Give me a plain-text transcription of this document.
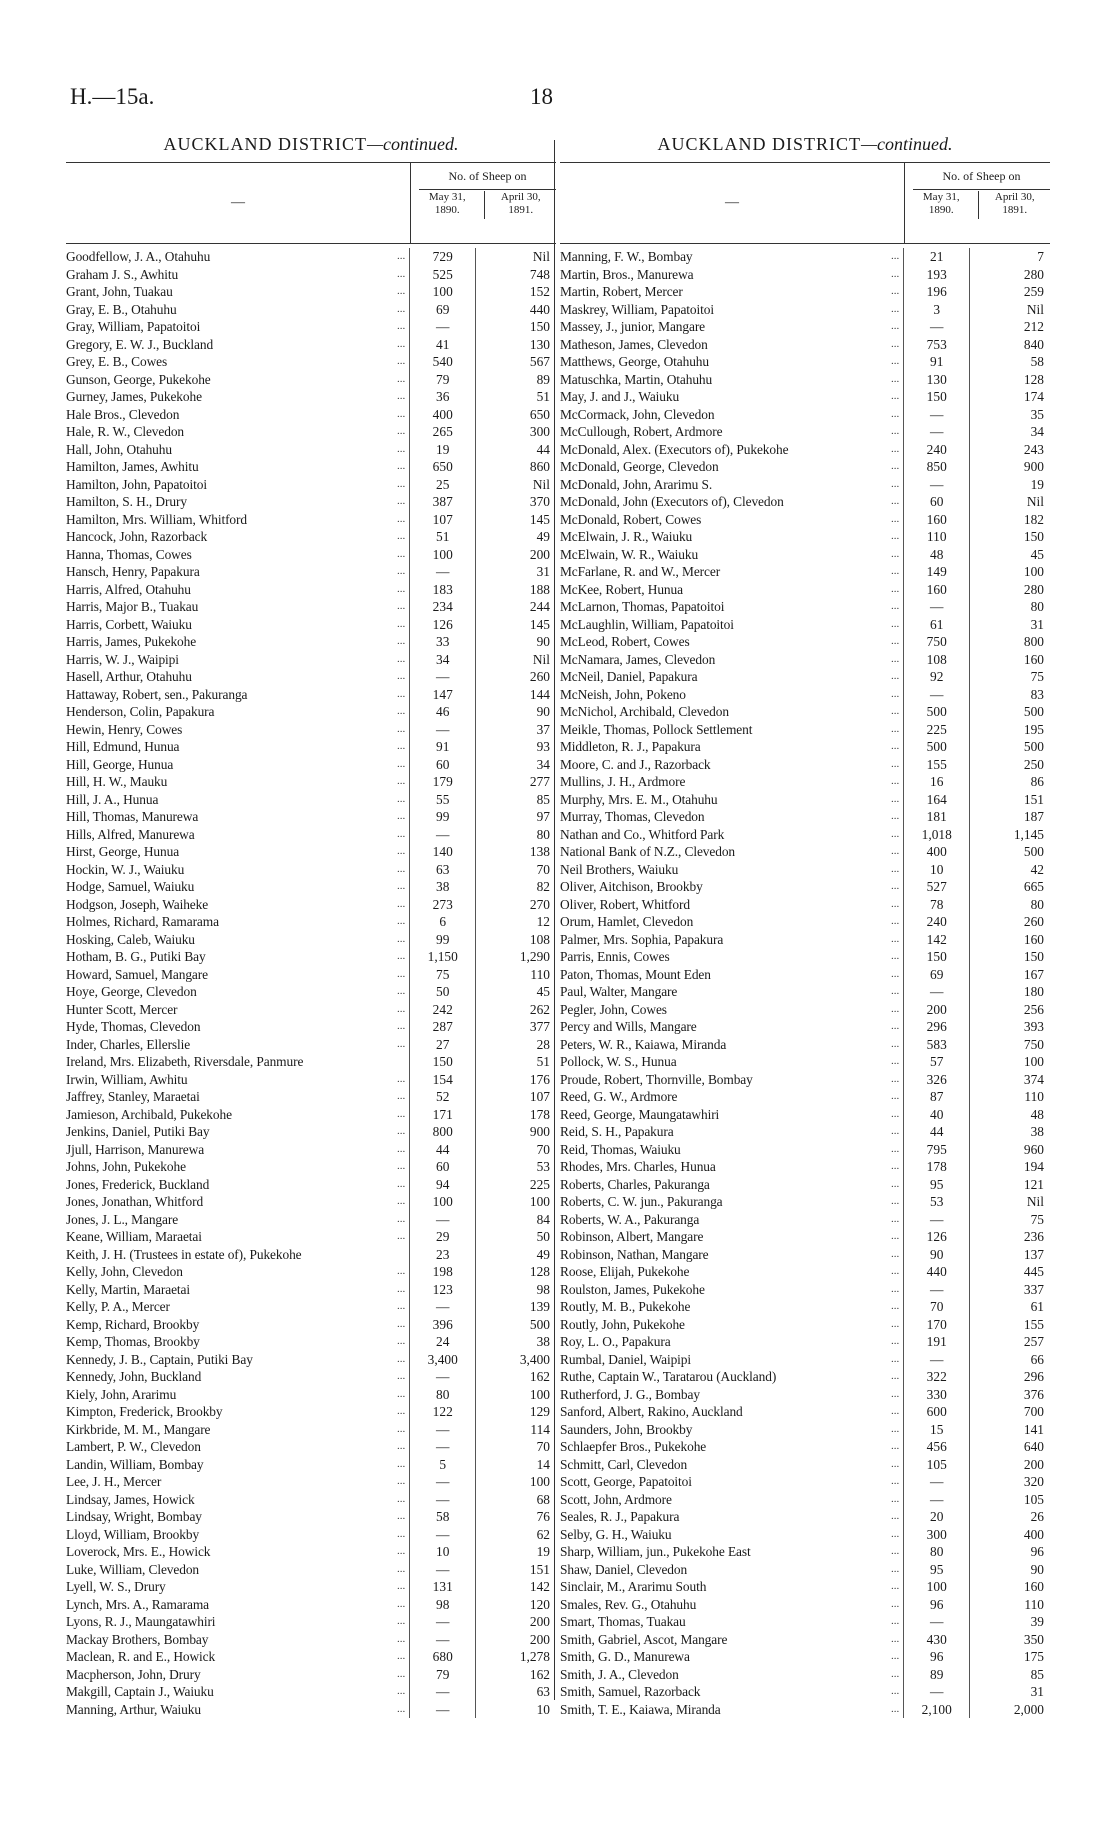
H.—15a.	18
AUCKLAND DISTRICT—continued.
—
No. of Sheep on
May 31,
1890.
April 30,
1891.
Goodfellow, J. A., Otahuhu	...	729	Nil
Graham J. S., Awhitu	...	525	748
Grant, John, Tuakau	...	100	152
Gray, E. B., Otahuhu	...	69	440
Gray, William, Papatoitoi	...	—	150
Gregory, E. W. J., Buckland	...	41	130
Grey, E. B., Cowes	...	540	567
Gunson, George, Pukekohe	...	79	89
Gurney, James, Pukekohe	...	36	51
Hale Bros., Clevedon	...	400	650
Hale, R. W., Clevedon	...	265	300
Hall, John, Otahuhu	...	19	44
Hamilton, James, Awhitu	...	650	860
Hamilton, John, Papatoitoi	...	25	Nil
Hamilton, S. H., Drury	...	387	370
Hamilton, Mrs. William, Whitford	...	107	145
Hancock, John, Razorback	...	51	49
Hanna, Thomas, Cowes	...	100	200
Hansch, Henry, Papakura	...	—	31
Harris, Alfred, Otahuhu	...	183	188
Harris, Major B., Tuakau	...	234	244
Harris, Corbett, Waiuku	...	126	145
Harris, James, Pukekohe	...	33	90
Harris, W. J., Waipipi	...	34	Nil
Hasell, Arthur, Otahuhu	...	—	260
Hattaway, Robert, sen., Pakuranga	...	147	144
Henderson, Colin, Papakura	...	46	90
Hewin, Henry, Cowes	...	—	37
Hill, Edmund, Hunua	...	91	93
Hill, George, Hunua	...	60	34
Hill, H. W., Mauku	...	179	277
Hill, J. A., Hunua	...	55	85
Hill, Thomas, Manurewa	...	99	97
Hills, Alfred, Manurewa	...	—	80
Hirst, George, Hunua	...	140	138
Hockin, W. J., Waiuku	...	63	70
Hodge, Samuel, Waiuku	...	38	82
Hodgson, Joseph, Waiheke	...	273	270
Holmes, Richard, Ramarama	...	6	12
Hosking, Caleb, Waiuku	...	99	108
Hotham, B. G., Putiki Bay	...	1,150	1,290
Howard, Samuel, Mangare	...	75	110
Hoye, George, Clevedon	...	50	45
Hunter Scott, Mercer	...	242	262
Hyde, Thomas, Clevedon	...	287	377
Inder, Charles, Ellerslie	...	27	28
Ireland, Mrs. Elizabeth, Riversdale, Panmure	150	51
Irwin, William, Awhitu	...	154	176
Jaffrey, Stanley, Maraetai	...	52	107
Jamieson, Archibald, Pukekohe	...	171	178
Jenkins, Daniel, Putiki Bay	...	800	900
Jjull, Harrison, Manurewa	...	44	70
Johns, John, Pukekohe	...	60	53
Jones, Frederick, Buckland	...	94	225
Jones, Jonathan, Whitford	...	100	100
Jones, J. L., Mangare	...	—	84
Keane, William, Maraetai	...	29	50
Keith, J. H. (Trustees in estate of), Pukekohe	23	49
Kelly, John, Clevedon	...	198	128
Kelly, Martin, Maraetai	...	123	98
Kelly, P. A., Mercer	...	—	139
Kemp, Richard, Brookby	...	396	500
Kemp, Thomas, Brookby	...	24	38
Kennedy, J. B., Captain, Putiki Bay	...	3,400	3,400
Kennedy, John, Buckland	...	—	162
Kiely, John, Ararimu	...	80	100
Kimpton, Frederick, Brookby	...	122	129
Kirkbride, M. M., Mangare	...	—	114
Lambert, P. W., Clevedon	...	—	70
Landin, William, Bombay	...	5	14
Lee, J. H., Mercer	...	—	100
Lindsay, James, Howick	...	—	68
Lindsay, Wright, Bombay	...	58	76
Lloyd, William, Brookby	...	—	62
Loverock, Mrs. E., Howick	...	10	19
Luke, William, Clevedon	...	—	151
Lyell, W. S., Drury	...	131	142
Lynch, Mrs. A., Ramarama	...	98	120
Lyons, R. J., Maungatawhiri	...	—	200
Mackay Brothers, Bombay	...	—	200
Maclean, R. and E., Howick	...	680	1,278
Macpherson, John, Drury	...	79	162
Makgill, Captain J., Waiuku	...	—	63
Manning, Arthur, Waiuku	...	—	10
AUCKLAND DISTRICT—continued.
—
No. of Sheep on
May 31,
1890.
April 30,
1891.
Manning, F. W., Bombay	...	21	7
Martin, Bros., Manurewa	...	193	280
Martin, Robert, Mercer	...	196	259
Maskrey, William, Papatoitoi	...	3	Nil
Massey, J., junior, Mangare	...	—	212
Matheson, James, Clevedon	...	753	840
Matthews, George, Otahuhu	...	91	58
Matuschka, Martin, Otahuhu	...	130	128
May, J. and J., Waiuku	...	150	174
McCormack, John, Clevedon	...	—	35
McCullough, Robert, Ardmore	...	—	34
McDonald, Alex. (Executors of), Pukekohe	...	240	243
McDonald, George, Clevedon	...	850	900
McDonald, John, Ararimu S.	...	—	19
McDonald, John (Executors of), Clevedon	...	60	Nil
McDonald, Robert, Cowes	...	160	182
McElwain, J. R., Waiuku	...	110	150
McElwain, W. R., Waiuku	...	48	45
McFarlane, R. and W., Mercer	...	149	100
McKee, Robert, Hunua	...	160	280
McLarnon, Thomas, Papatoitoi	...	—	80
McLaughlin, William, Papatoitoi	...	61	31
McLeod, Robert, Cowes	...	750	800
McNamara, James, Clevedon	...	108	160
McNeil, Daniel, Papakura	...	92	75
McNeish, John, Pokeno	...	—	83
McNichol, Archibald, Clevedon	...	500	500
Meikle, Thomas, Pollock Settlement	...	225	195
Middleton, R. J., Papakura	...	500	500
Moore, C. and J., Razorback	...	155	250
Mullins, J. H., Ardmore	...	16	86
Murphy, Mrs. E. M., Otahuhu	...	164	151
Murray, Thomas, Clevedon	...	181	187
Nathan and Co., Whitford Park	...	1,018	1,145
National Bank of N.Z., Clevedon	...	400	500
Neil Brothers, Waiuku	...	10	42
Oliver, Aitchison, Brookby	...	527	665
Oliver, Robert, Whitford	...	78	80
Orum, Hamlet, Clevedon	...	240	260
Palmer, Mrs. Sophia, Papakura	...	142	160
Parris, Ennis, Cowes	...	150	150
Paton, Thomas, Mount Eden	...	69	167
Paul, Walter, Mangare	...	—	180
Pegler, John, Cowes	...	200	256
Percy and Wills, Mangare	...	296	393
Peters, W. R., Kaiawa, Miranda	...	583	750
Pollock, W. S., Hunua	...	57	100
Proude, Robert, Thornville, Bombay	...	326	374
Reed, G. W., Ardmore	...	87	110
Reed, George, Maungatawhiri	...	40	48
Reid, S. H., Papakura	...	44	38
Reid, Thomas, Waiuku	...	795	960
Rhodes, Mrs. Charles, Hunua	...	178	194
Roberts, Charles, Pakuranga	...	95	121
Roberts, C. W. jun., Pakuranga	...	53	Nil
Roberts, W. A., Pakuranga	...	—	75
Robinson, Albert, Mangare	...	126	236
Robinson, Nathan, Mangare	...	90	137
Roose, Elijah, Pukekohe	...	440	445
Roulston, James, Pukekohe	...	—	337
Routly, M. B., Pukekohe	...	70	61
Routly, John, Pukekohe	...	170	155
Roy, L. O., Papakura	...	191	257
Rumbal, Daniel, Waipipi	...	—	66
Ruthe, Captain W., Taratarou (Auckland)	...	322	296
Rutherford, J. G., Bombay	...	330	376
Sanford, Albert, Rakino, Auckland	...	600	700
Saunders, John, Brookby	...	15	141
Schlaepfer Bros., Pukekohe	...	456	640
Schmitt, Carl, Clevedon	...	105	200
Scott, George, Papatoitoi	...	—	320
Scott, John, Ardmore	...	—	105
Seales, R. J., Papakura	...	20	26
Selby, G. H., Waiuku	...	300	400
Sharp, William, jun., Pukekohe East	...	80	96
Shaw, Daniel, Clevedon	...	95	90
Sinclair, M., Ararimu South	...	100	160
Smales, Rev. G., Otahuhu	...	96	110
Smart, Thomas, Tuakau	...	—	39
Smith, Gabriel, Ascot, Mangare	...	430	350
Smith, G. D., Manurewa	...	96	175
Smith, J. A., Clevedon	...	89	85
Smith, Samuel, Razorback	...	—	31
Smith, T. E., Kaiawa, Miranda	...	2,100	2,000
